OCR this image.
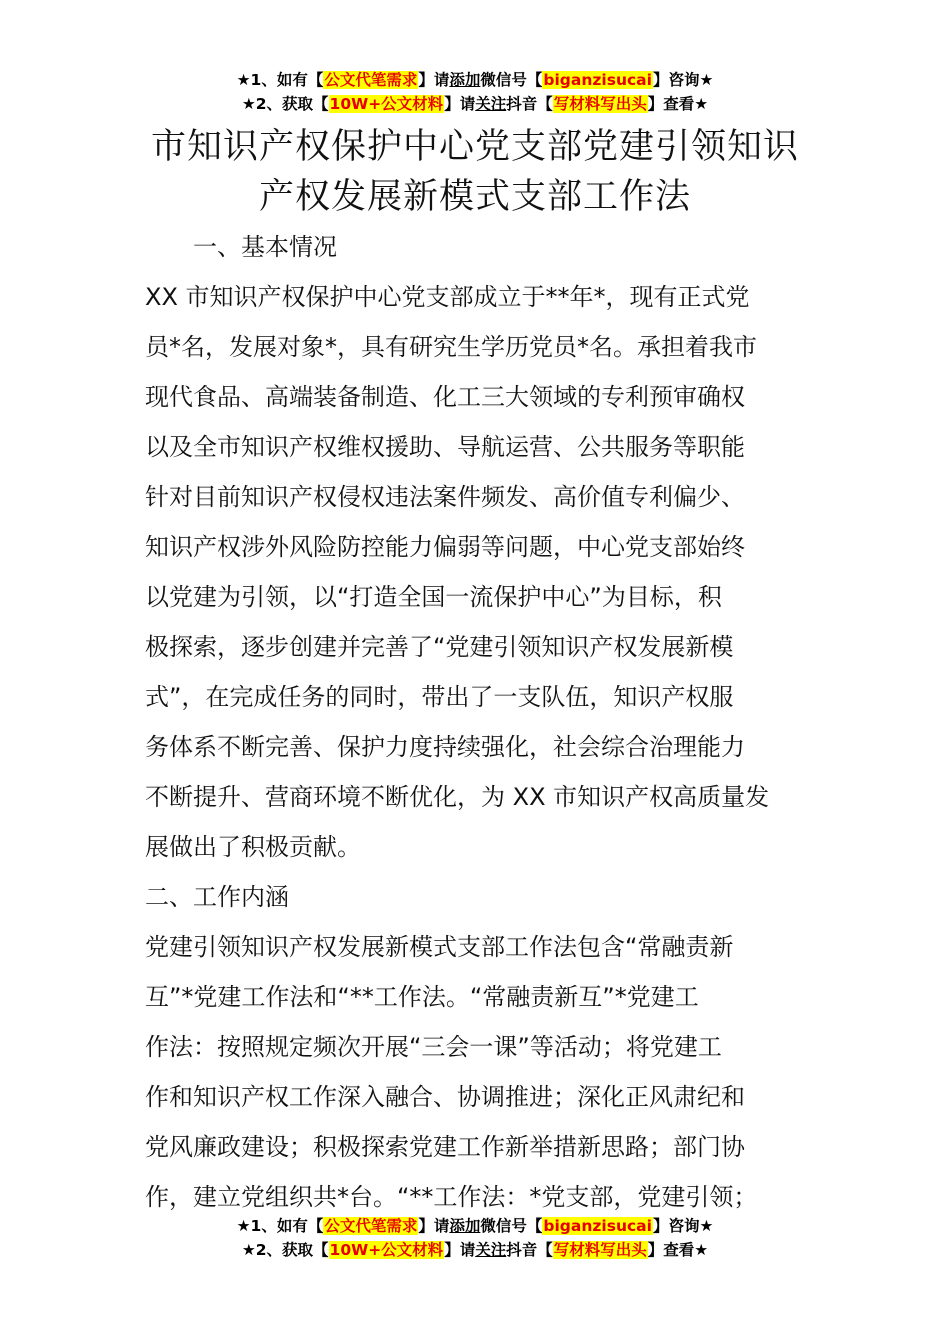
★1、如有【公文代笔需求】请添加微信号【biganzisucai】咨询★
★2、获取【10W+公文材料】请关注抖音【写材料写出头】查看★
市知识产权保护中心党支部党建引领知识
产权发展新模式支部工作法
一、基本情况
XX 市知识产权保护中心党支部成立于**年*，现有正式党
员*名，发展对象*，具有研究生学历党员*名。承担着我市
现代食品、高端装备制造、化工三大领域的专利预审确权
以及全市知识产权维权援助、导航运营、公共服务等职能
针对目前知识产权侵权违法案件频发、高价值专利偏少、
知识产权涉外风险防控能力偏弱等问题，中心党支部始终
以党建为引领，以“打造全国一流保护中心”为目标，积
极探索，逐步创建并完善了“党建引领知识产权发展新模
式”，在完成任务的同时，带出了一支队伍，知识产权服
务体系不断完善、保护力度持续强化，社会综合治理能力
不断提升、营商环境不断优化，为 XX 市知识产权高质量发
展做出了积极贡献。
二、工作内涵
党建引领知识产权发展新模式支部工作法包含“常融责新
互”*党建工作法和“**工作法。“常融责新互”*党建工
作法：按照规定频次开展“三会一课”等活动；将党建工
作和知识产权工作深入融合、协调推进；深化正风肃纪和
党风廉政建设；积极探索党建工作新举措新思路；部门协
作，建立党组织共*台。“**工作法：*党支部，党建引领；
★1、如有【公文代笔需求】请添加微信号【biganzisucai】咨询★
★2、获取【10W+公文材料】请关注抖音【写材料写出头】查看★
